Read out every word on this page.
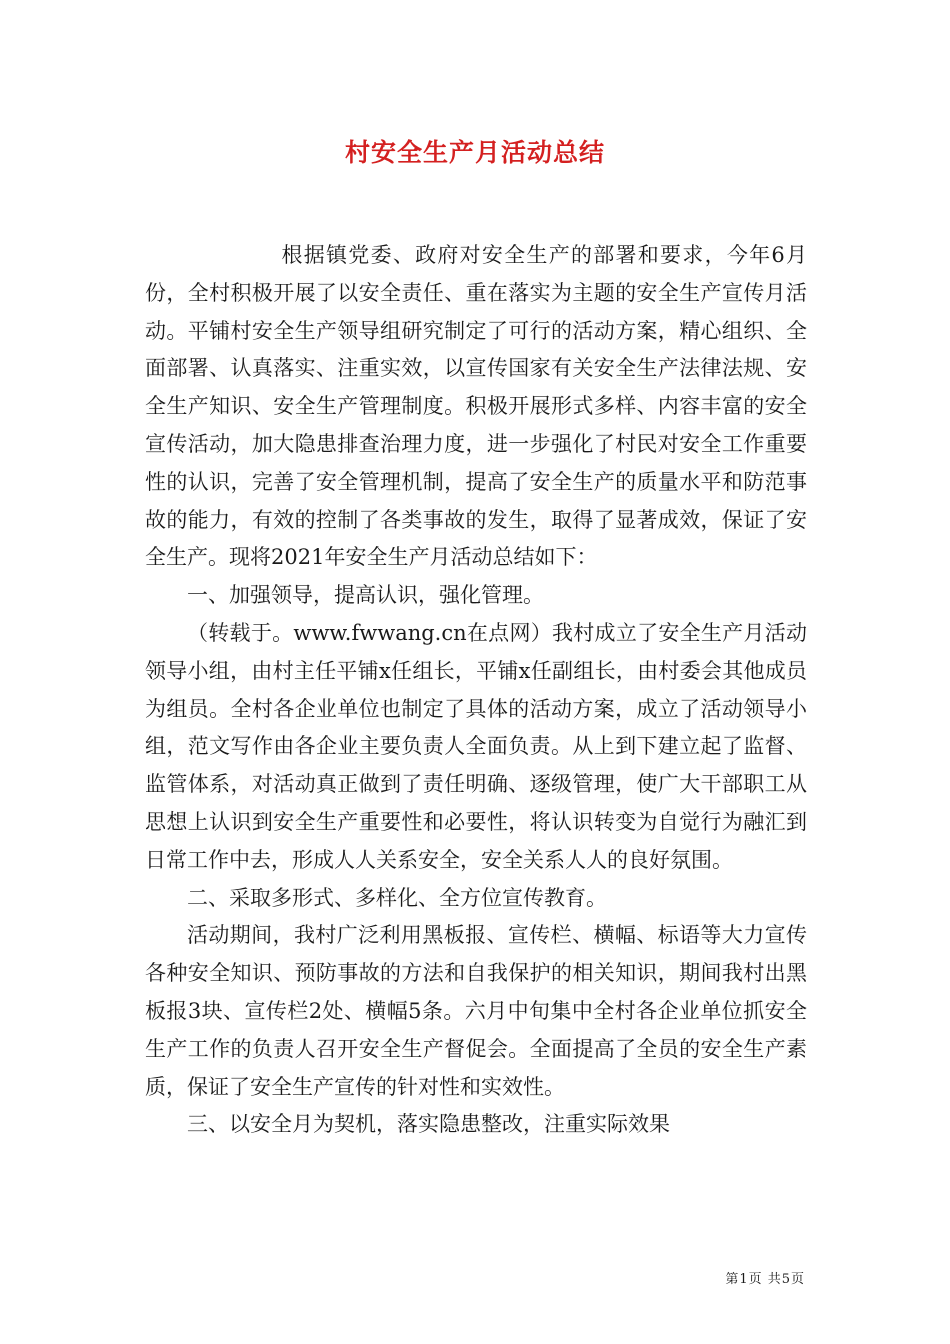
村安全生产月活动总结

根据镇党委、政府对安全生产的部署和要求，今年6月份，全村积极开展了以安全责任、重在落实为主题的安全生产宣传月活动。平铺村安全生产领导组研究制定了可行的活动方案，精心组织、全面部署、认真落实、注重实效，以宣传国家有关安全生产法律法规、安全生产知识、安全生产管理制度。积极开展形式多样、内容丰富的安全宣传活动，加大隐患排查治理力度，进一步强化了村民对安全工作重要性的认识，完善了安全管理机制，提高了安全生产的质量水平和防范事故的能力，有效的控制了各类事故的发生，取得了显著成效，保证了安全生产。现将2021年安全生产月活动总结如下：

一、加强领导，提高认识，强化管理。

（转载于。www.fwwang.cn在点网）我村成立了安全生产月活动领导小组，由村主任平铺x任组长，平铺x任副组长，由村委会其他成员为组员。全村各企业单位也制定了具体的活动方案，成立了活动领导小组，范文写作由各企业主要负责人全面负责。从上到下建立起了监督、监管体系，对活动真正做到了责任明确、逐级管理，使广大干部职工从思想上认识到安全生产重要性和必要性，将认识转变为自觉行为融汇到日常工作中去，形成人人关系安全，安全关系人人的良好氛围。

二、采取多形式、多样化、全方位宣传教育。

活动期间，我村广泛利用黑板报、宣传栏、横幅、标语等大力宣传各种安全知识、预防事故的方法和自我保护的相关知识，期间我村出黑板报3块、宣传栏2处、横幅5条。六月中旬集中全村各企业单位抓安全生产工作的负责人召开安全生产督促会。全面提高了全员的安全生产素质，保证了安全生产宣传的针对性和实效性。

三、以安全月为契机，落实隐患整改，注重实际效果

第1页 共5页
